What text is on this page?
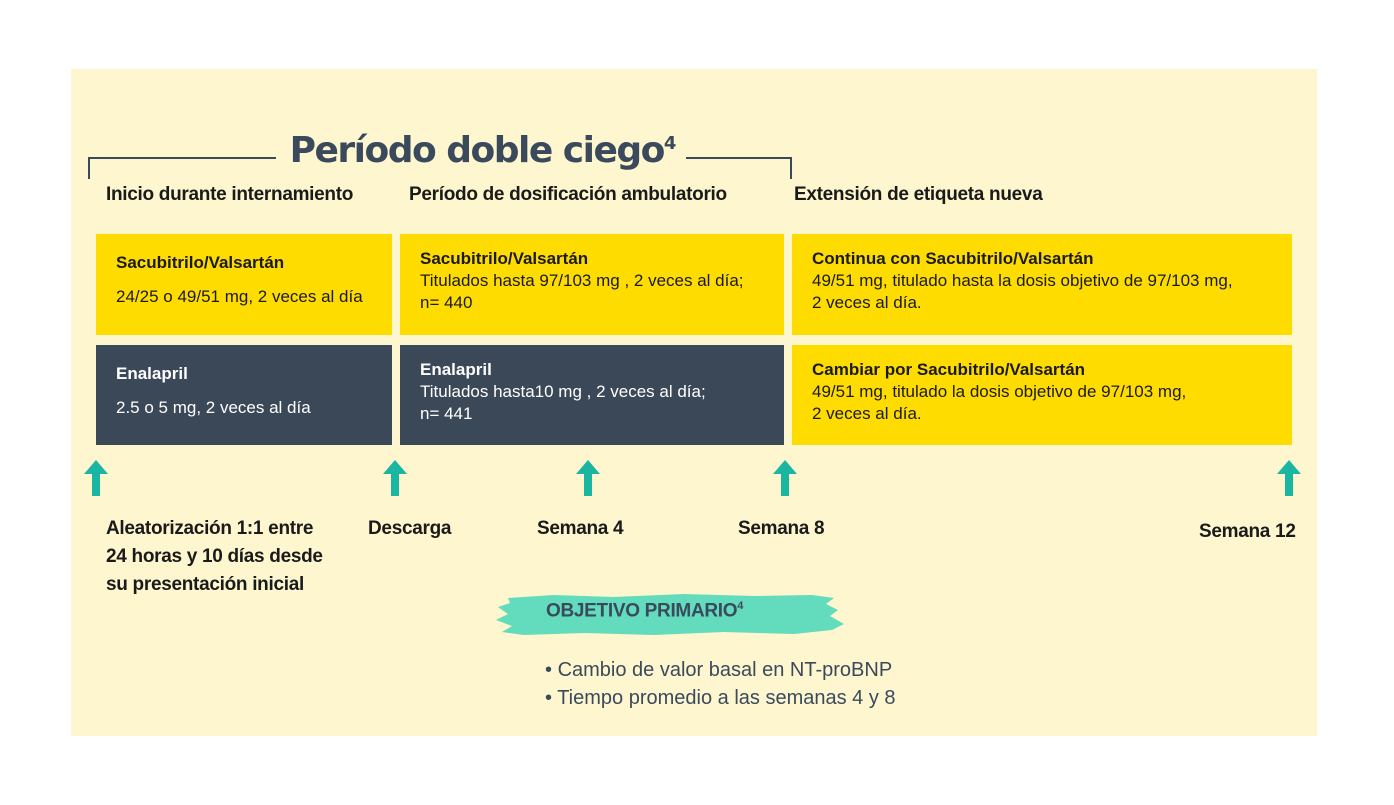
Período doble ciego$^4$
Inicio durante internamiento	Período de dosificación ambulatorio	Extensión de etiqueta nueva
Sacubitrilo/Valsartán
24/25 o 49/51 mg, 2 veces al día
Enalapril
2.5 o 5 mg, 2 veces al día
Sacubitrilo/Valsartán
Titulados hasta 97/103 mg , 2 veces al día;
n= 440
Enalapril
Titulados hasta10 mg , 2 veces al día;
n= 441
Continua con Sacubitrilo/Valsartán
49/51 mg, titulado hasta la dosis objetivo de 97/103 mg,
2 veces al día.
Cambiar por Sacubitrilo/Valsartán
49/51 mg, titulado la dosis objetivo de 97/103 mg,
2 veces al día.
Aleatorización 1:1 entre
24 horas y 10 días desde
su presentación inicial
Descarga	Semana 4	Semana 8	Semana 12
OBJETIVO PRIMARIO$^4$
• Cambio de valor basal en NT-proBNP
• Tiempo promedio a las semanas 4 y 8
